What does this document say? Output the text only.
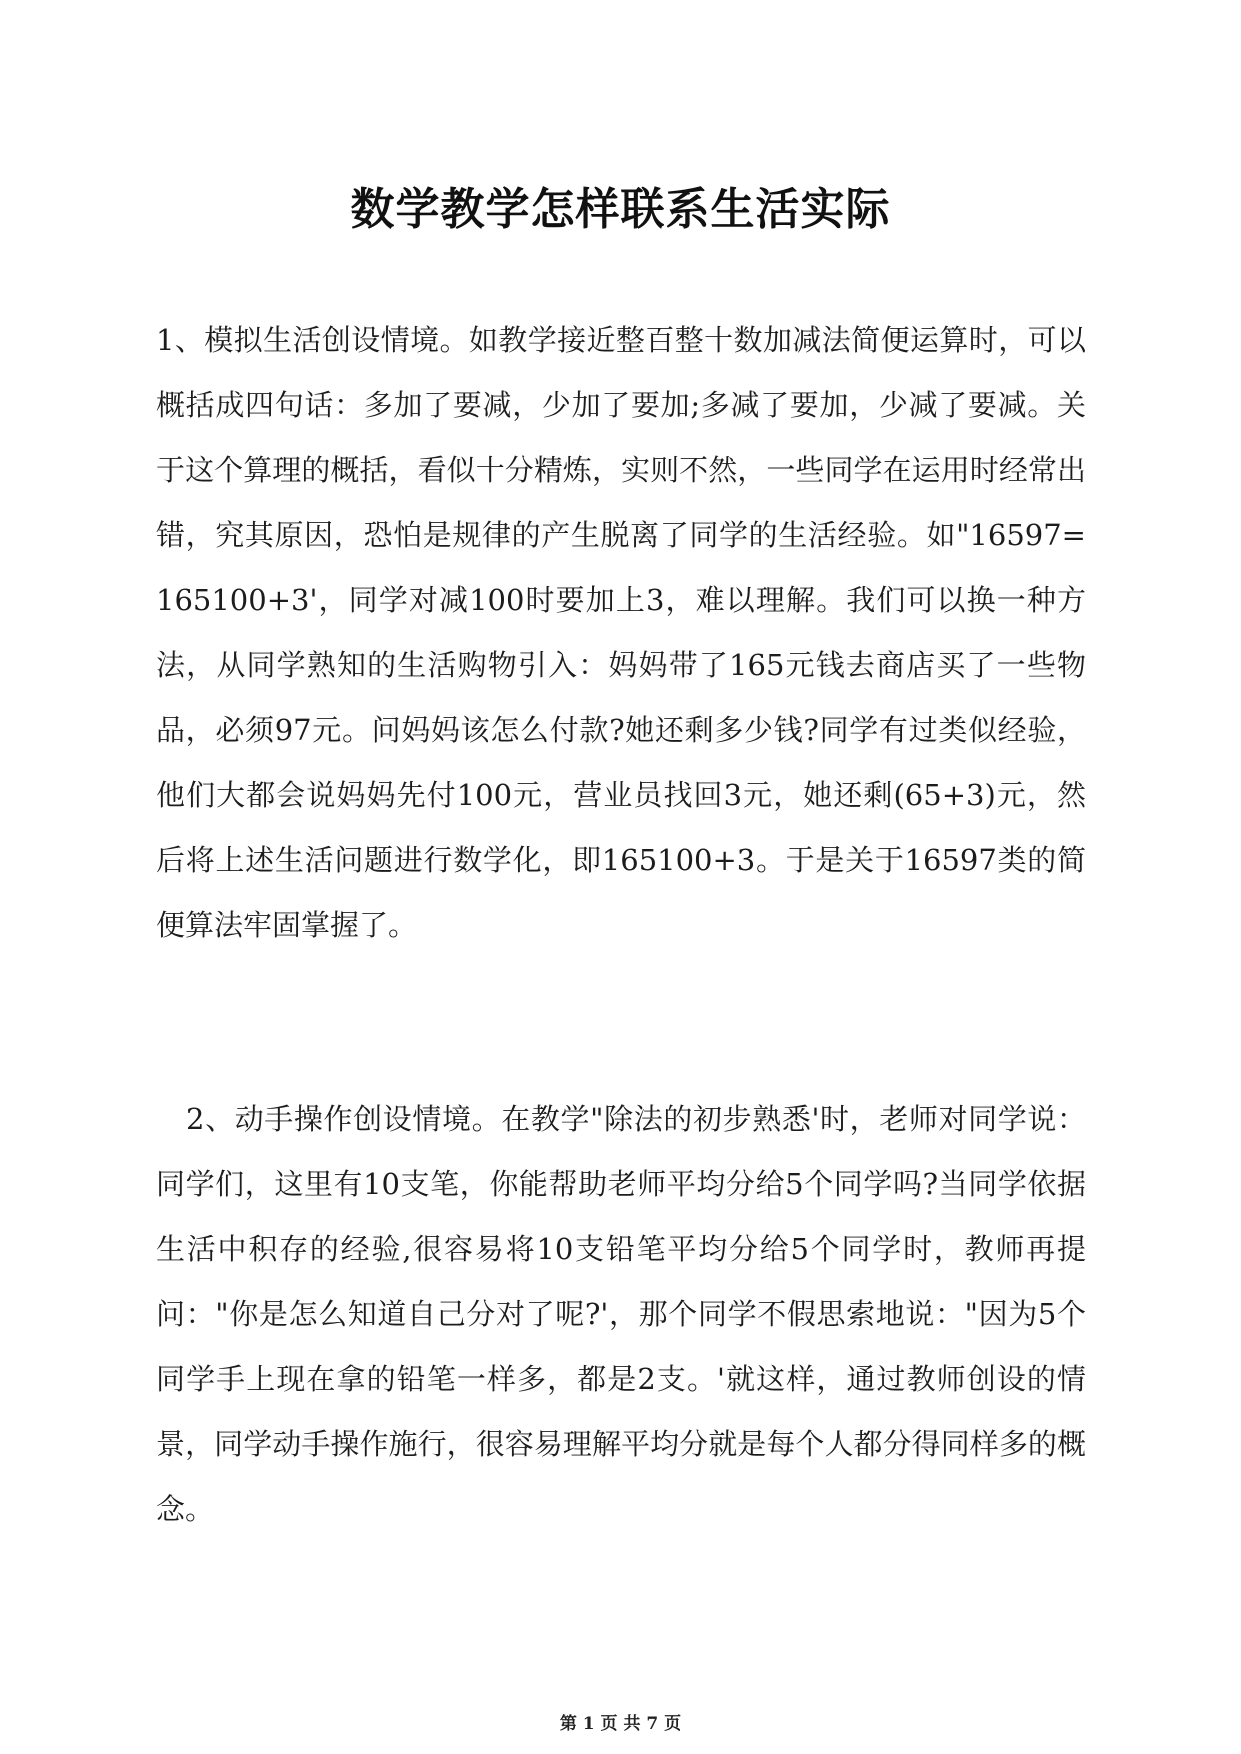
数学教学怎样联系生活实际

1、模拟生活创设情境。如教学接近整百整十数加减法简便运算时，可以概括成四句话：多加了要减，少加了要加;多减了要加，少减了要减。关于这个算理的概括，看似十分精炼，实则不然，一些同学在运用时经常出错，究其原因，恐怕是规律的产生脱离了同学的生活经验。如"16597=165100+3'，同学对减100时要加上3，难以理解。我们可以换一种方法，从同学熟知的生活购物引入：妈妈带了165元钱去商店买了一些物品，必须97元。问妈妈该怎么付款?她还剩多少钱?同学有过类似经验，他们大都会说妈妈先付100元，营业员找回3元，她还剩(65+3)元，然后将上述生活问题进行数学化，即165100+3。于是关于16597类的简便算法牢固掌握了。

2、动手操作创设情境。在教学"除法的初步熟悉'时，老师对同学说：同学们，这里有10支笔，你能帮助老师平均分给5个同学吗?当同学依据生活中积存的经验,很容易将10支铅笔平均分给5个同学时，教师再提问："你是怎么知道自己分对了呢?'，那个同学不假思索地说："因为5个同学手上现在拿的铅笔一样多，都是2支。'就这样，通过教师创设的情景，同学动手操作施行，很容易理解平均分就是每个人都分得同样多的概念。

第 1 页 共 7 页
